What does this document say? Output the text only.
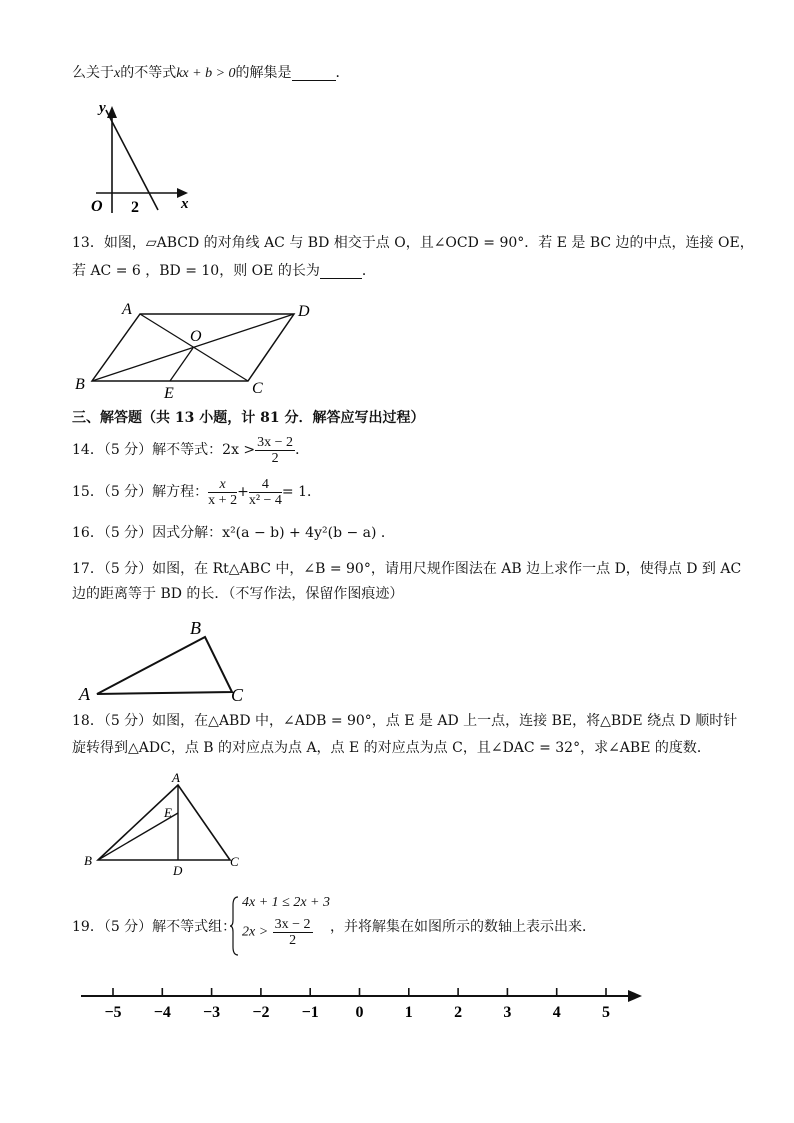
么关于x的不等式kx + b > 0的解集是	．
y
x
O 2
13．如图，▱ABCD 的对角线 AC 与 BD 相交于点 O，且∠OCD = 90°．若 E 是 BC 边的中点，连接 OE，
若 AC = 6 ，BD = 10，则 OE 的长为	．
A	D
O
B
E	C
三、解答题（共 13 小题，计 81 分．解答应写出过程）
14．（5 分）解不等式：$2x > \frac{3x - 2}{2}$ ．
15．（5 分）解方程： $\frac{x}{x + 2} + \frac{4}{\text{x² − 4}} = 1$．
16．（5 分）因式分解：x²(a − b) + 4y²(b − a) ．
17．（5 分）如图，在 Rt△ABC 中，∠B = 90°，请用尺规作图法在 AB 边上求作一点 D，使得点 D 到 AC
边的距离等于 BD 的长．（不写作法，保留作图痕迹）
A
B
C
18．（5 分）如图，在△ABD 中，∠ADB = 90°，点 E 是 AD 上一点，连接 BE，将△BDE 绕点 D 顺时针
旋转得到△ADC，点 B 的对应点为点 A，点 E 的对应点为点 C，且∠DAC = 32°，求∠ABE 的度数．
A
E
B
D
C
19．（5 分）解不等式组：
4x + 1 ≤ 2x + 3
$2x > \frac{3x - 2}{2}$ ，并将解集在如图所示的数轴上表示出来．
−5 −4 −3 −2 −1 0	1	2	3	4	5
